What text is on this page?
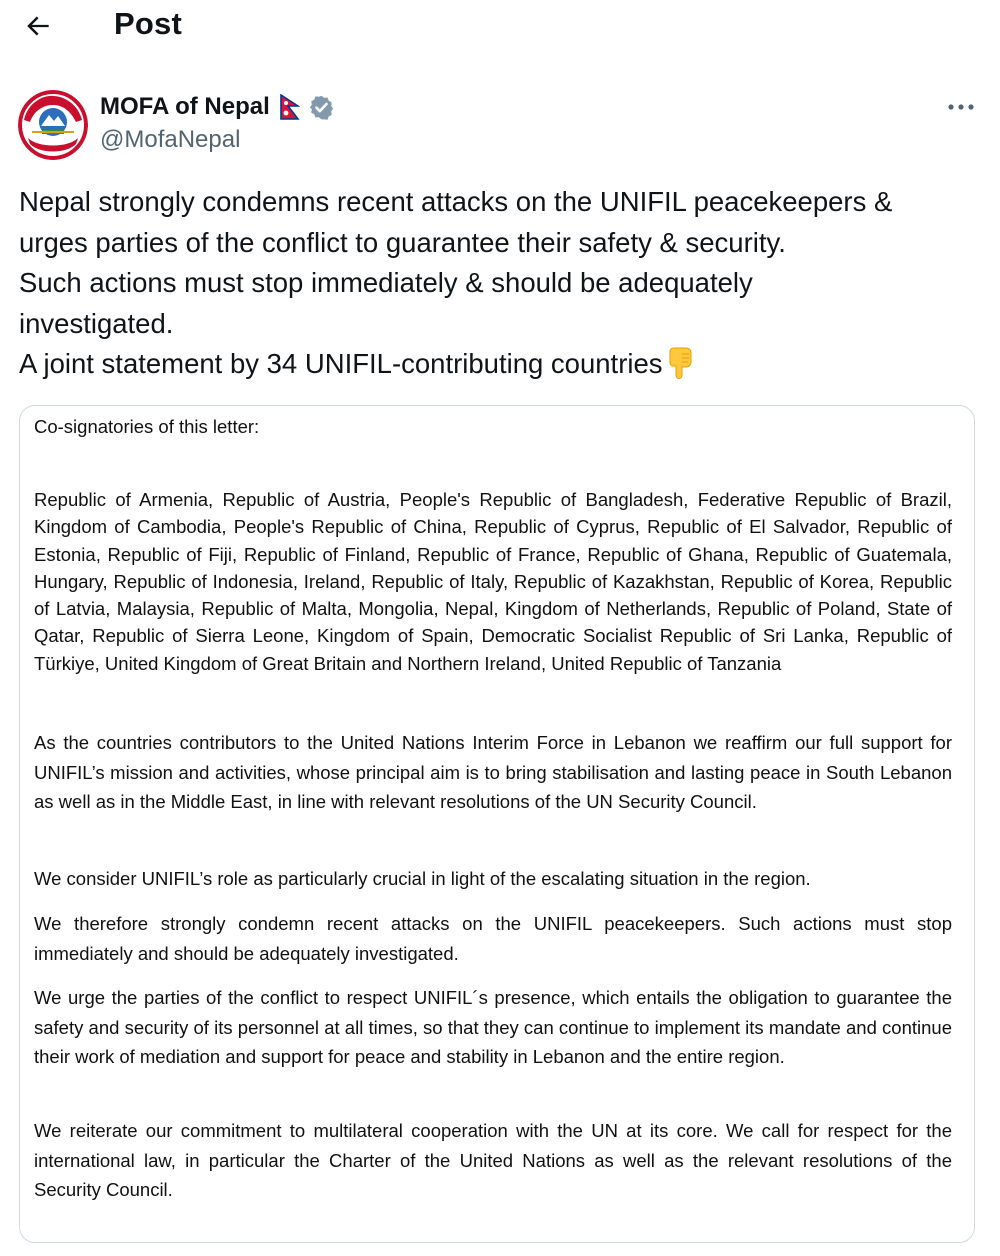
Post
MOFA of Nepal
@MofaNepal
Nepal strongly condemns recent attacks on the UNIFIL peacekeepers &
urges parties of the conflict to guarantee their safety & security.
Such actions must stop immediately & should be adequately
investigated.
A joint statement by 34 UNIFIL-contributing countries
Co-signatories of this letter:
Republic of Armenia, Republic of Austria, People's Republic of Bangladesh, Federative Republic of Brazil, Kingdom of Cambodia, People's Republic of China, Republic of Cyprus, Republic of El Salvador, Republic of Estonia, Republic of Fiji, Republic of Finland, Republic of France, Republic of Ghana, Republic of Guatemala, Hungary, Republic of Indonesia, Ireland, Republic of Italy, Republic of Kazakhstan, Republic of Korea, Republic of Latvia, Malaysia, Republic of Malta, Mongolia, Nepal, Kingdom of Netherlands, Republic of Poland, State of Qatar, Republic of Sierra Leone, Kingdom of Spain, Democratic Socialist Republic of Sri Lanka, Republic of Türkiye, United Kingdom of Great Britain and Northern Ireland, United Republic of Tanzania
As the countries contributors to the United Nations Interim Force in Lebanon we reaffirm our full support for UNIFIL’s mission and activities, whose principal aim is to bring stabilisation and lasting peace in South Lebanon as well as in the Middle East, in line with relevant resolutions of the UN Security Council.
We consider UNIFIL’s role as particularly crucial in light of the escalating situation in the region.
We therefore strongly condemn recent attacks on the UNIFIL peacekeepers. Such actions must stop immediately and should be adequately investigated.
We urge the parties of the conflict to respect UNIFIL´s presence, which entails the obligation to guarantee the safety and security of its personnel at all times, so that they can continue to implement its mandate and continue their work of mediation and support for peace and stability in Lebanon and the entire region.
We reiterate our commitment to multilateral cooperation with the UN at its core. We call for respect for the international law, in particular the Charter of the United Nations as well as the relevant resolutions of the Security Council.
